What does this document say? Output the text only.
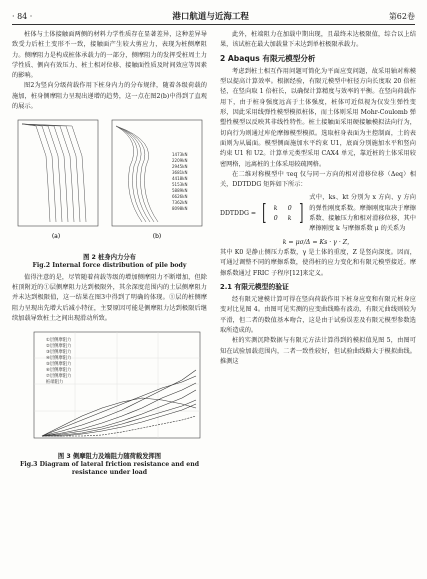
· 84 ·	港口航道与近海工程	第62卷

桩体与土体接触面两侧的材料力学性质存在显著差异，这种差异导致受力后桩土变形不一致，接触面产生较大剪应力，表现为桩侧摩阻力。侧摩阻力是构成桩体承载力的一部分，侧摩阻力的发挥受桩周土力学性质、侧向有效压力、桩土相对位移、接触面性质及时间效应等因素的影响。

图2为竖向分级荷载作用下桩身内力的分布规律，随着各级荷载的施加，桩身侧摩阻力呈现出递增的趋势，这一点在图2(b)中得到了直观的展示。

(a)
1473kN
2209kN
2945kN
3681kN
4418kN
5153kN
5889kN
6626kN
7362kN
8098kN
(b)
图 2 桩身内力分布
Fig.2 Internal force distribution of pile body

值得注意的是，尽管随着荷载等级的增加侧摩阻力不断增加，但除桩顶附近的①层侧摩阻力达到极限外，其余深度范围内的土层侧摩阻力并未达到极限值，这一结果在图3中得到了明确的体现。①层的桩侧摩阻力呈现出先增大后减小特征，主要原因可能是侧摩阻力达到极限后继续加载导致桩土之间出现滑动所致。

①层侧摩阻力
②层侧摩阻力
③层侧摩阻力
④层侧摩阻力
⑤层侧摩阻力
⑥层侧摩阻力
⑦层侧摩阻力
桩端阻力
图 3 侧摩阻力及端阻力随荷载发挥图
Fig.3 Diagram of lateral friction resistance and end
resistance under load

此外，桩端阻力在加载中期出现，且最终未达极限值，综合以上结果，该试桩在最大加载量下未达到单桩极限承载力。

2 Abaqus 有限元模型分析

考虑到桩土相互作用问题可简化为平面应变问题，故采用轴对称模型以提高计算效率。根据经验，有限元模型中桩径方向长度取 20 倍桩径，在竖向取 1 倍桩长，以确保计算精度与效率的平衡。在竖向荷载作用下，由于桩身强度远高于土体强度，桩体可近似视为仅发生弹性变形，因此采用线弹性模型模拟桩体，而土体则采用 Mohr-Coulomb 弹塑性模型以反映其非线性特性。桩土接触面采用硬接触模拟法向行为，切向行为则通过库伦摩擦模型模拟。选取桩身表面为主控制面，土的表面则为从属面。模型侧面施加水平约束 U1，底面分别施加水平和竖向约束 U1 和 U2。计算单元类型采用 CAX4 单元，靠近桩的土体采用较密网格，远离桩的土体采用较疏网格。

在二维对称模型中 τeq 仅与同一方向的相对滑移位移（Δeq）相关，DDTDDG 矩阵如下所示：

DDTDDG = [	k	0
0	k ]
式中，ks、kt 分别为 x 方向、y 方向的弹性刚度系数。摩擦刚度取决于摩擦系数、接触压力和相对滑移位移，其中摩擦刚度 k 与摩擦系数 μ 的关系为

k = μσ/Δ = Ks · γ · Z，

其中 K0 是静止侧压力系数，γ 是土体的重度，Z 是竖向深度。因而，可通过调整不同的摩擦系数，使得桩的应力变化和有限元模型接近。摩擦系数通过 FRIC 子程序[12]来定义。

2.1 有限元模型的验证

经有限元建模计算可得在竖向荷载作用下桩身应变和有限元桩身应变对比见图 4。由图可见实测的应变曲线略有波动，有限元曲线则较为平滑，但二者的数值基本吻合，这是由于试验误差及有限元模型参数选取所造成的。

桩的实测沉降数据与有限元方法计算得到的模拟值见图 5，由图可知在试验加载范围内，二者一致性较好，但试验曲线略大于模拟曲线。推测这
